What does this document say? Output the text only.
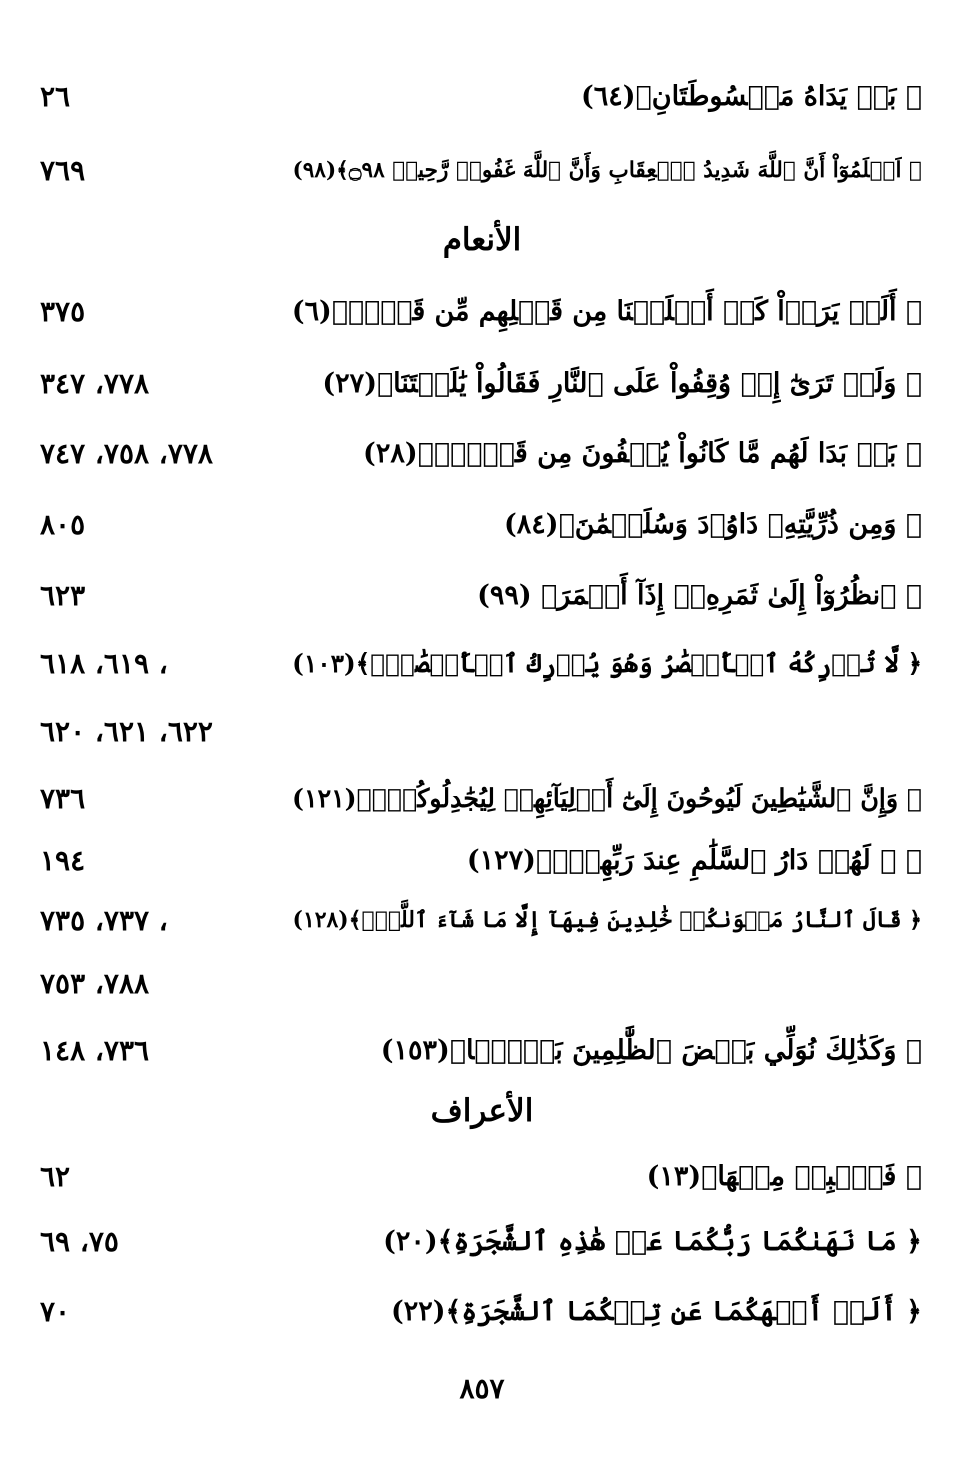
٢٦	﴿ بَلۡ يَدَاهُ مَبۡسُوطَتَانِ﴾(٦٤)
٧٦٩	﴿ اَعۡلَمُوٓاْ أَنَّ ٱللَّهَ شَدِيدُ ٱلۡعِقَابِ وَأَنَّ ٱللَّهَ غَفُورٞ رَّحِيمٞ ۝٩٨﴾(٩٨)
الأنعام
٣٧٥	﴿ أَلَمۡ يَرَوۡاْ كَمۡ أَهۡلَكۡنَا مِن قَبۡلِهِم مِّن قَرۡنٖ﴾(٦)
٧٧٨، ٣٤٧	﴿ وَلَوۡ تَرَىٰٓ إِذۡ وُقِفُواْ عَلَى ٱلنَّارِ فَقَالُواْ يَٰلَيۡتَنَا﴾(٢٧)
٧٧٨، ٧٥٨، ٧٤٧	﴿ بَلۡ بَدَا لَهُم مَّا كَانُواْ يُخۡفُونَ مِن قَبۡلُۖ﴾(٢٨)
٨٠٥	﴿ وَمِن ذُرِّيَّتِهِۦ دَاوُۥدَ وَسُلَيۡمَٰنَ﴾(٨٤)
٦٢٣	﴿ ٱنظُرُوٓاْ إِلَىٰ ثَمَرِهِۦٓ إِذَآ أَثۡمَرَ﴾ (٩٩)
، ٦١٩، ٦١٨	﴿ لَّا تُدۡرِكُهُ ٱلۡأَبۡصَٰرُ وَهُوَ يُدۡرِكُ ٱلۡأَبۡصَٰرَۖ﴾(١٠٣)
٦٢٢، ٦٢١، ٦٢٠
٧٣٦	﴿ وَإِنَّ ٱلشَّيَٰطِينَ لَيُوحُونَ إِلَىٰٓ أَوۡلِيَآئِهِمۡ لِيُجَٰدِلُوكُمۡۖ﴾(١٢١)
١٩٤	﴿ ۞ لَهُمۡ دَارُ ٱلسَّلَٰمِ عِندَ رَبِّهِمۡۖ﴾(١٢٧)
، ٧٣٧، ٧٣٥	﴿ قَالَ ٱلنَّارُ مَثۡوَىٰكُمۡ خَٰلِدِينَ فِيهَآ إِلَّا مَا شَآءَ ٱللَّهُۗ﴾(١٢٨)
٧٨٨، ٧٥٣
٧٣٦، ١٤٨	﴿ وَكَذَٰلِكَ نُوَلِّي بَعۡضَ ٱلظَّٰلِمِينَ بَعۡضَۢا﴾(١٥٣)
الأعراف
٦٢	﴿ فَٱهۡبِطۡ مِنۡهَا﴾(١٣)
٧٥، ٦٩	﴿ مَا نَهَىٰكُمَا رَبُّكُمَا عَنۡ هَٰذِهِ ٱلشَّجَرَةِ﴾(٢٠)
٧٠	﴿ أَلَمۡ أَنۡهَكُمَا عَن تِلۡكُمَا ٱلشَّجَرَةِ﴾(٢٢)
٨٥٧
